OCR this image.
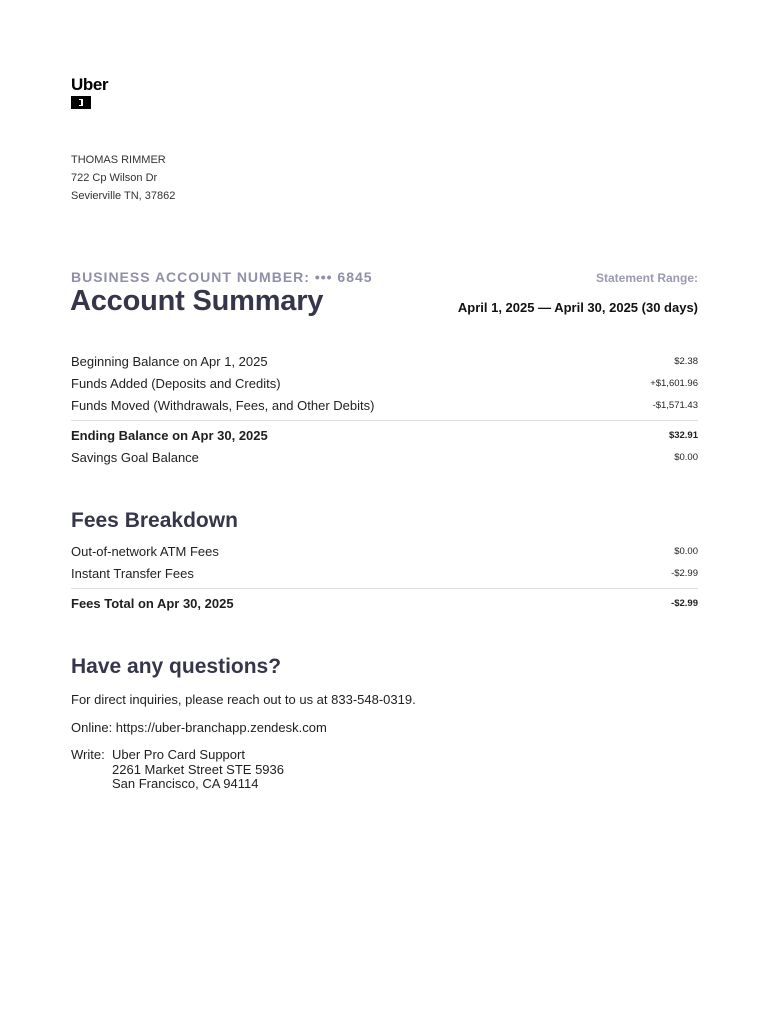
Uber
THOMAS RIMMER
722 Cp Wilson Dr
Sevierville TN, 37862
BUSINESS ACCOUNT NUMBER: ••• 6845
Account Summary
Statement Range:
April 1, 2025 — April 30, 2025 (30 days)
Beginning Balance on Apr 1, 2025	$2.38
Funds Added (Deposits and Credits)	+$1,601.96
Funds Moved (Withdrawals, Fees, and Other Debits)	-$1,571.43
Ending Balance on Apr 30, 2025	$32.91
Savings Goal Balance	$0.00
Fees Breakdown
Out-of-network ATM Fees	$0.00
Instant Transfer Fees	-$2.99
Fees Total on Apr 30, 2025	-$2.99
Have any questions?
For direct inquiries, please reach out to us at 833-548-0319.
Online: https://uber-branchapp.zendesk.com
Write: Uber Pro Card Support
2261 Market Street STE 5936
San Francisco, CA 94114
